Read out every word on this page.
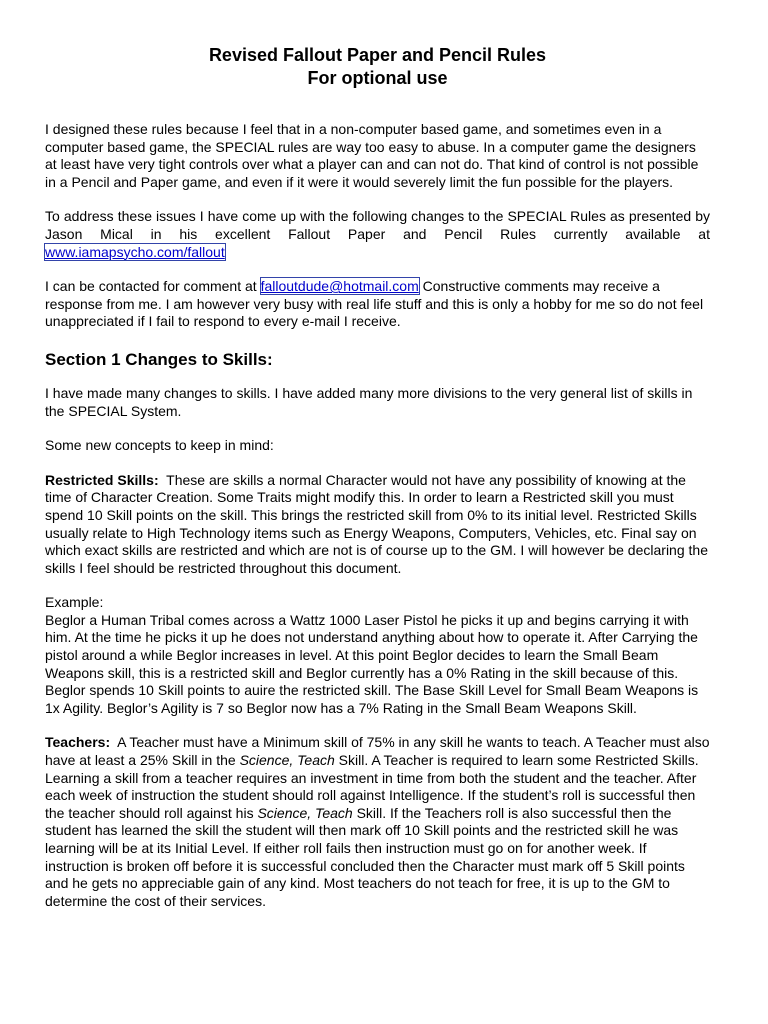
Revised Fallout Paper and Pencil Rules

For optional use

I designed these rules because I feel that in a non-computer based game, and sometimes even in a computer based game, the SPECIAL rules are way too easy to abuse. In a computer game the designers at least have very tight controls over what a player can and can not do. That kind of control is not possible in a Pencil and Paper game, and even if it were it would severely limit the fun possible for the players.

To address these issues I have come up with the following changes to the SPECIAL Rules as presented by Jason Mical in his excellent Fallout Paper and Pencil Rules currently available at www.iamapsycho.com/fallout

I can be contacted for comment at falloutdude@hotmail.com Constructive comments may receive a response from me. I am however very busy with real life stuff and this is only a hobby for me so do not feel unappreciated if I fail to respond to every e-mail I receive.

Section 1 Changes to Skills:

I have made many changes to skills. I have added many more divisions to the very general list of skills in the SPECIAL System.

Some new concepts to keep in mind:

Restricted Skills: These are skills a normal Character would not have any possibility of knowing at the time of Character Creation. Some Traits might modify this. In order to learn a Restricted skill you must spend 10 Skill points on the skill. This brings the restricted skill from 0% to its initial level. Restricted Skills usually relate to High Technology items such as Energy Weapons, Computers, Vehicles, etc. Final say on which exact skills are restricted and which are not is of course up to the GM. I will however be declaring the skills I feel should be restricted throughout this document.

Example:

Beglor a Human Tribal comes across a Wattz 1000 Laser Pistol he picks it up and begins carrying it with him. At the time he picks it up he does not understand anything about how to operate it. After Carrying the pistol around a while Beglor increases in level. At this point Beglor decides to learn the Small Beam Weapons skill, this is a restricted skill and Beglor currently has a 0% Rating in the skill because of this. Beglor spends 10 Skill points to auire the restricted skill. The Base Skill Level for Small Beam Weapons is 1x Agility. Beglor’s Agility is 7 so Beglor now has a 7% Rating in the Small Beam Weapons Skill.

Teachers: A Teacher must have a Minimum skill of 75% in any skill he wants to teach. A Teacher must also have at least a 25% Skill in the Science, Teach Skill. A Teacher is required to learn some Restricted Skills. Learning a skill from a teacher requires an investment in time from both the student and the teacher. After each week of instruction the student should roll against Intelligence. If the student’s roll is successful then the teacher should roll against his Science, Teach Skill. If the Teachers roll is also successful then the student has learned the skill the student will then mark off 10 Skill points and the restricted skill he was learning will be at its Initial Level. If either roll fails then instruction must go on for another week. If instruction is broken off before it is successful concluded then the Character must mark off 5 Skill points and he gets no appreciable gain of any kind. Most teachers do not teach for free, it is up to the GM to determine the cost of their services.
